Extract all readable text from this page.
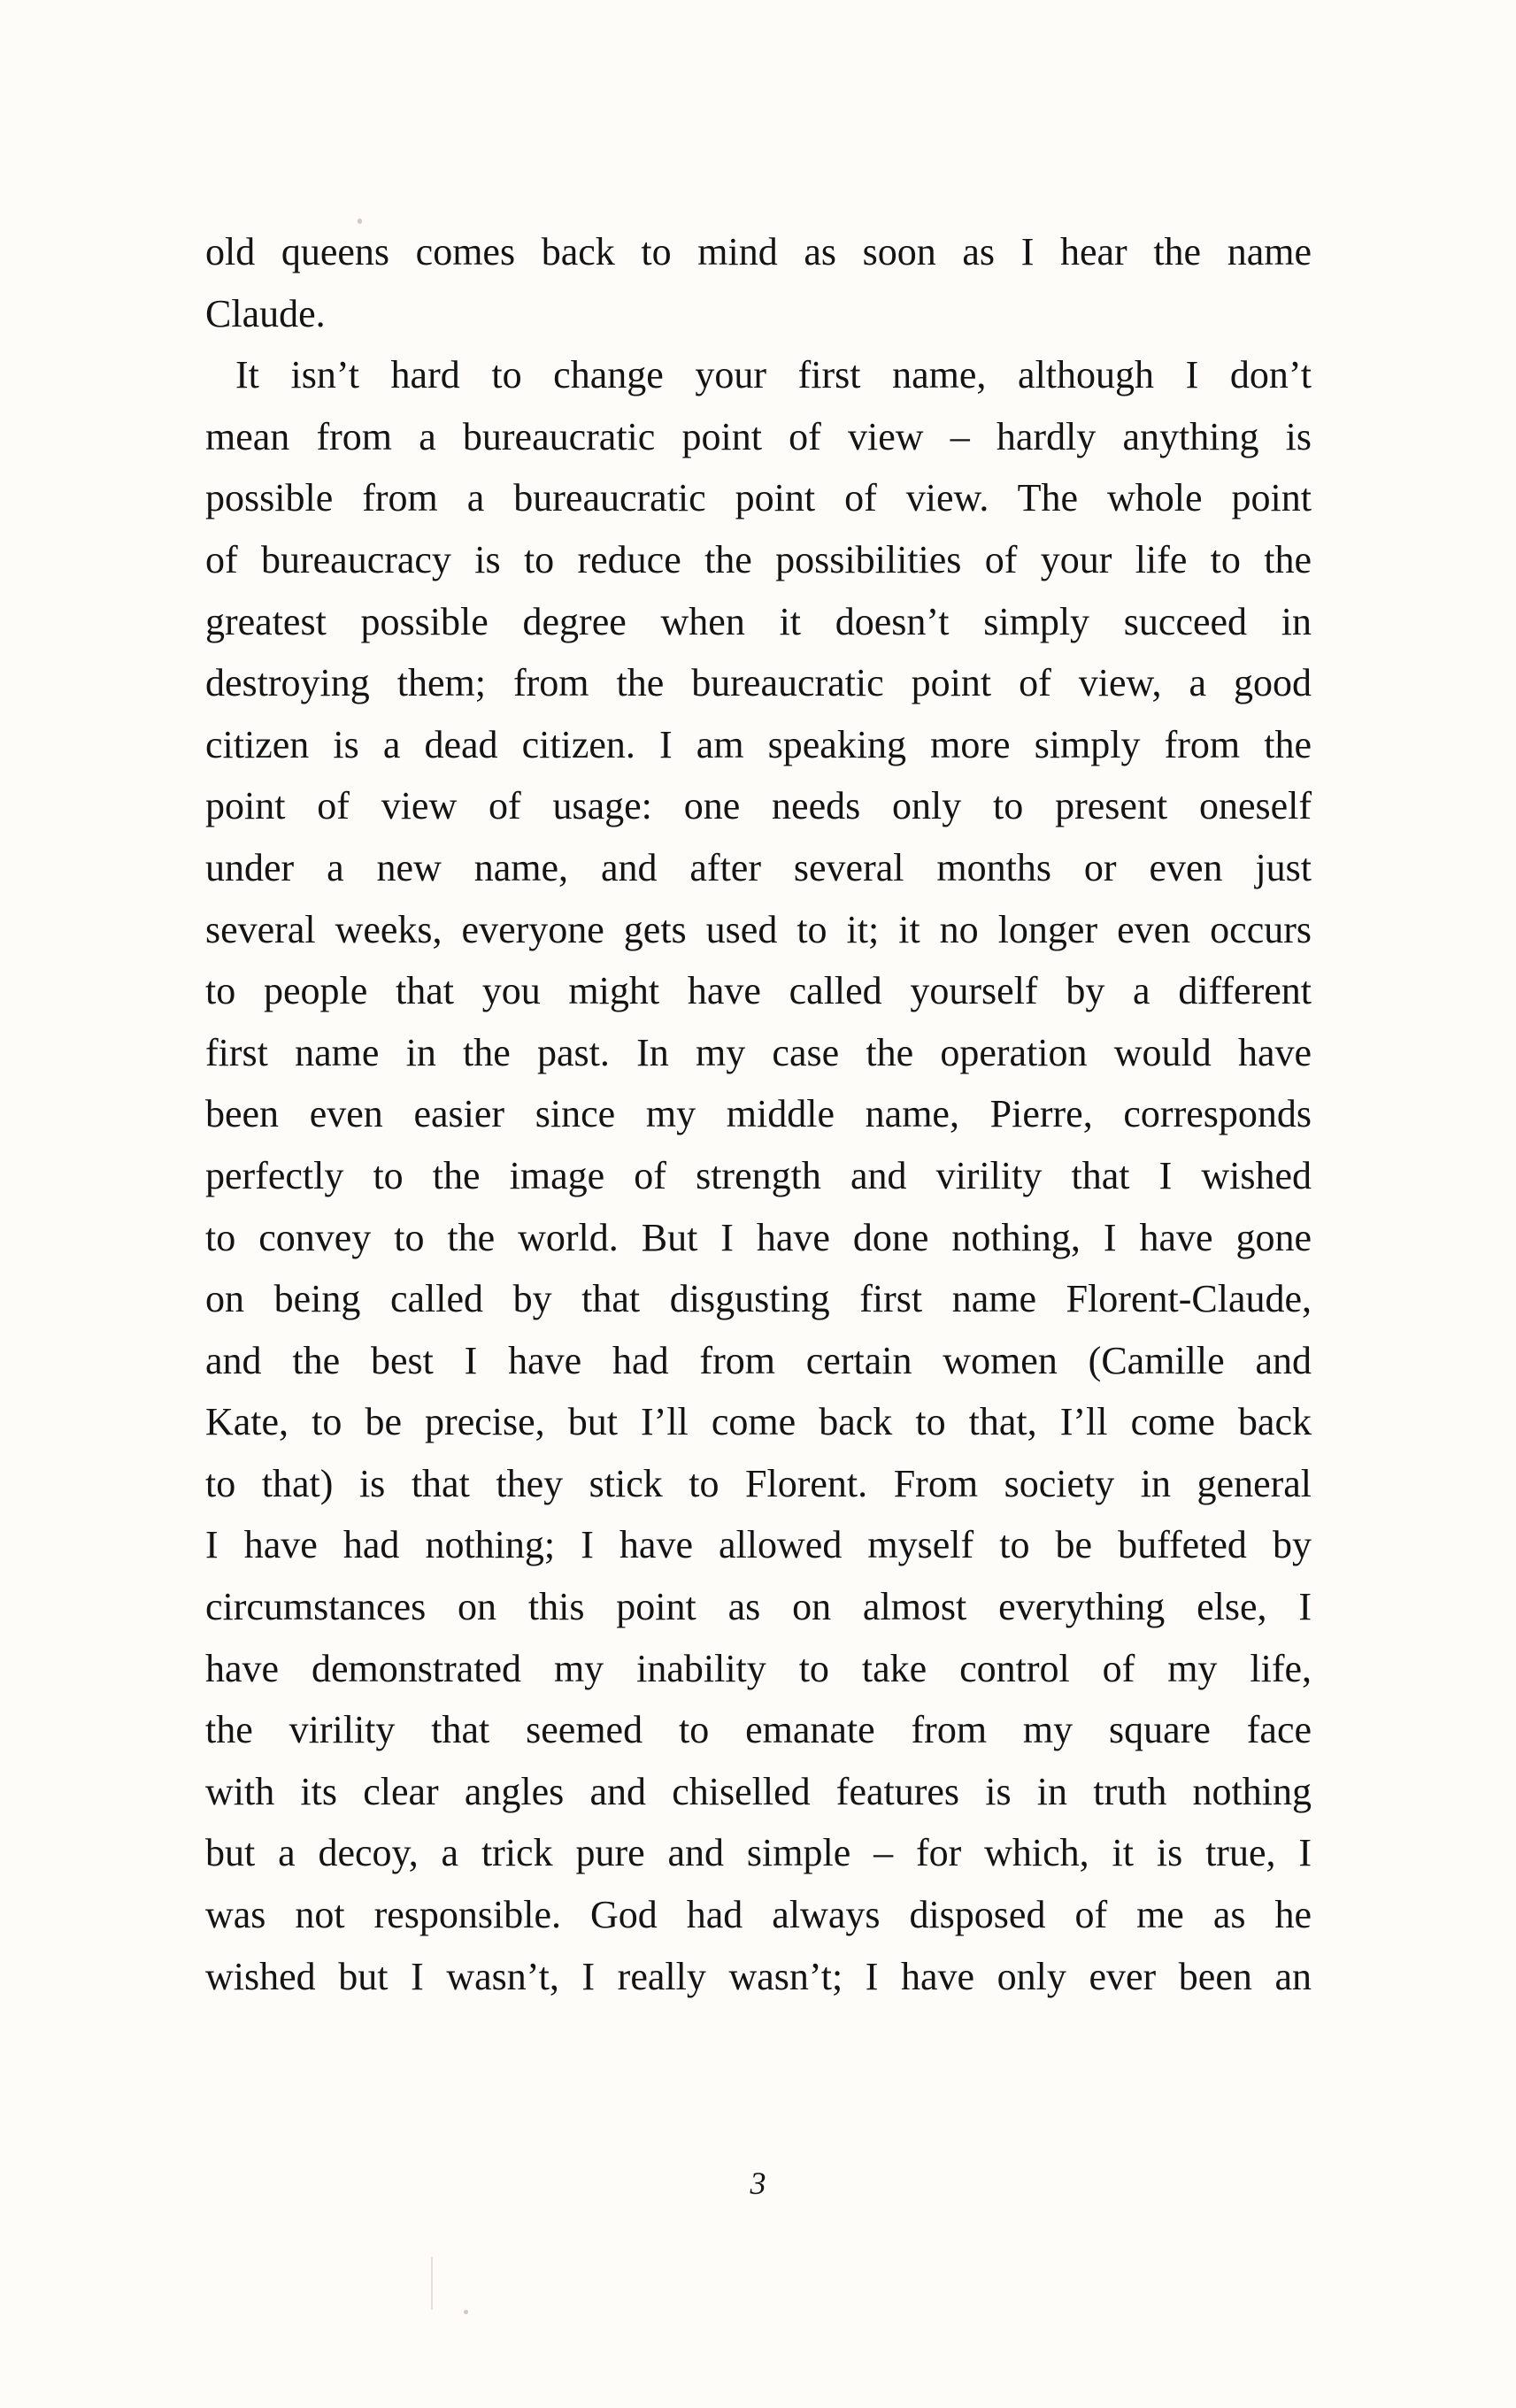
old queens comes back to mind as soon as I hear the name
Claude.
It isn’t hard to change your first name, although I don’t
mean from a bureaucratic point of view – hardly anything is
possible from a bureaucratic point of view. The whole point
of bureaucracy is to reduce the possibilities of your life to the
greatest possible degree when it doesn’t simply succeed in
destroying them; from the bureaucratic point of view, a good
citizen is a dead citizen. I am speaking more simply from the
point of view of usage: one needs only to present oneself
under a new name, and after several months or even just
several weeks, everyone gets used to it; it no longer even occurs
to people that you might have called yourself by a different
first name in the past. In my case the operation would have
been even easier since my middle name, Pierre, corresponds
perfectly to the image of strength and virility that I wished
to convey to the world. But I have done nothing, I have gone
on being called by that disgusting first name Florent-Claude,
and the best I have had from certain women (Camille and
Kate, to be precise, but I’ll come back to that, I’ll come back
to that) is that they stick to Florent. From society in general
I have had nothing; I have allowed myself to be buffeted by
circumstances on this point as on almost everything else, I
have demonstrated my inability to take control of my life,
the virility that seemed to emanate from my square face
with its clear angles and chiselled features is in truth nothing
but a decoy, a trick pure and simple – for which, it is true, I
was not responsible. God had always disposed of me as he
wished but I wasn’t, I really wasn’t; I have only ever been an
3
